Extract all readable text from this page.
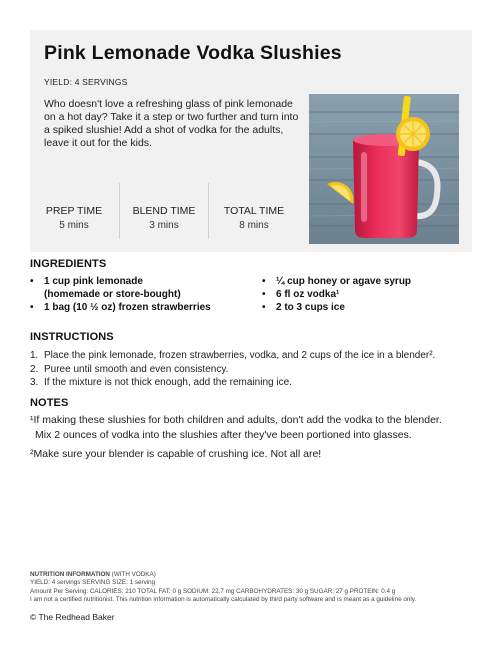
Pink Lemonade Vodka Slushies
YIELD: 4 SERVINGS
Who doesn't love a refreshing glass of pink lemonade on a hot day? Take it a step or two further and turn into a spiked slushie! Add a shot of vodka for the adults, leave it out for the kids.
PREP TIME
5 mins
BLEND TIME
3 mins
TOTAL TIME
8 mins
INGREDIENTS
•	1 cup pink lemonade
(homemade or store-bought)
•	1 bag (10 ½ oz) frozen strawberries
•	¼ cup honey or agave syrup
•	6 fl oz vodka¹
•	2 to 3 cups ice
INSTRUCTIONS
1. Place the pink lemonade, frozen strawberries, vodka, and 2 cups of the ice in a blender².
2. Puree until smooth and even consistency.
3. If the mixture is not thick enough, add the remaining ice.
NOTES
¹If making these slushies for both children and adults, don't add the vodka to the blender.
Mix 2 ounces of vodka into the slushies after they've been portioned into glasses.
²Make sure your blender is capable of crushing ice. Not all are!
NUTRITION INFORMATION (WITH VODKA)
YIELD: 4 servings SERVING SIZE: 1 serving
Amount Per Serving: CALORIES: 210 TOTAL FAT: 0 g SODIUM: 22.7 mg CARBOHYDRATES: 30 g SUGAR: 27 g PROTEIN: 0.4 g
I am not a certified nutritionist. This nutrition information is automatically calculated by third party software and is meant as a guideline only.
© The Redhead Baker
